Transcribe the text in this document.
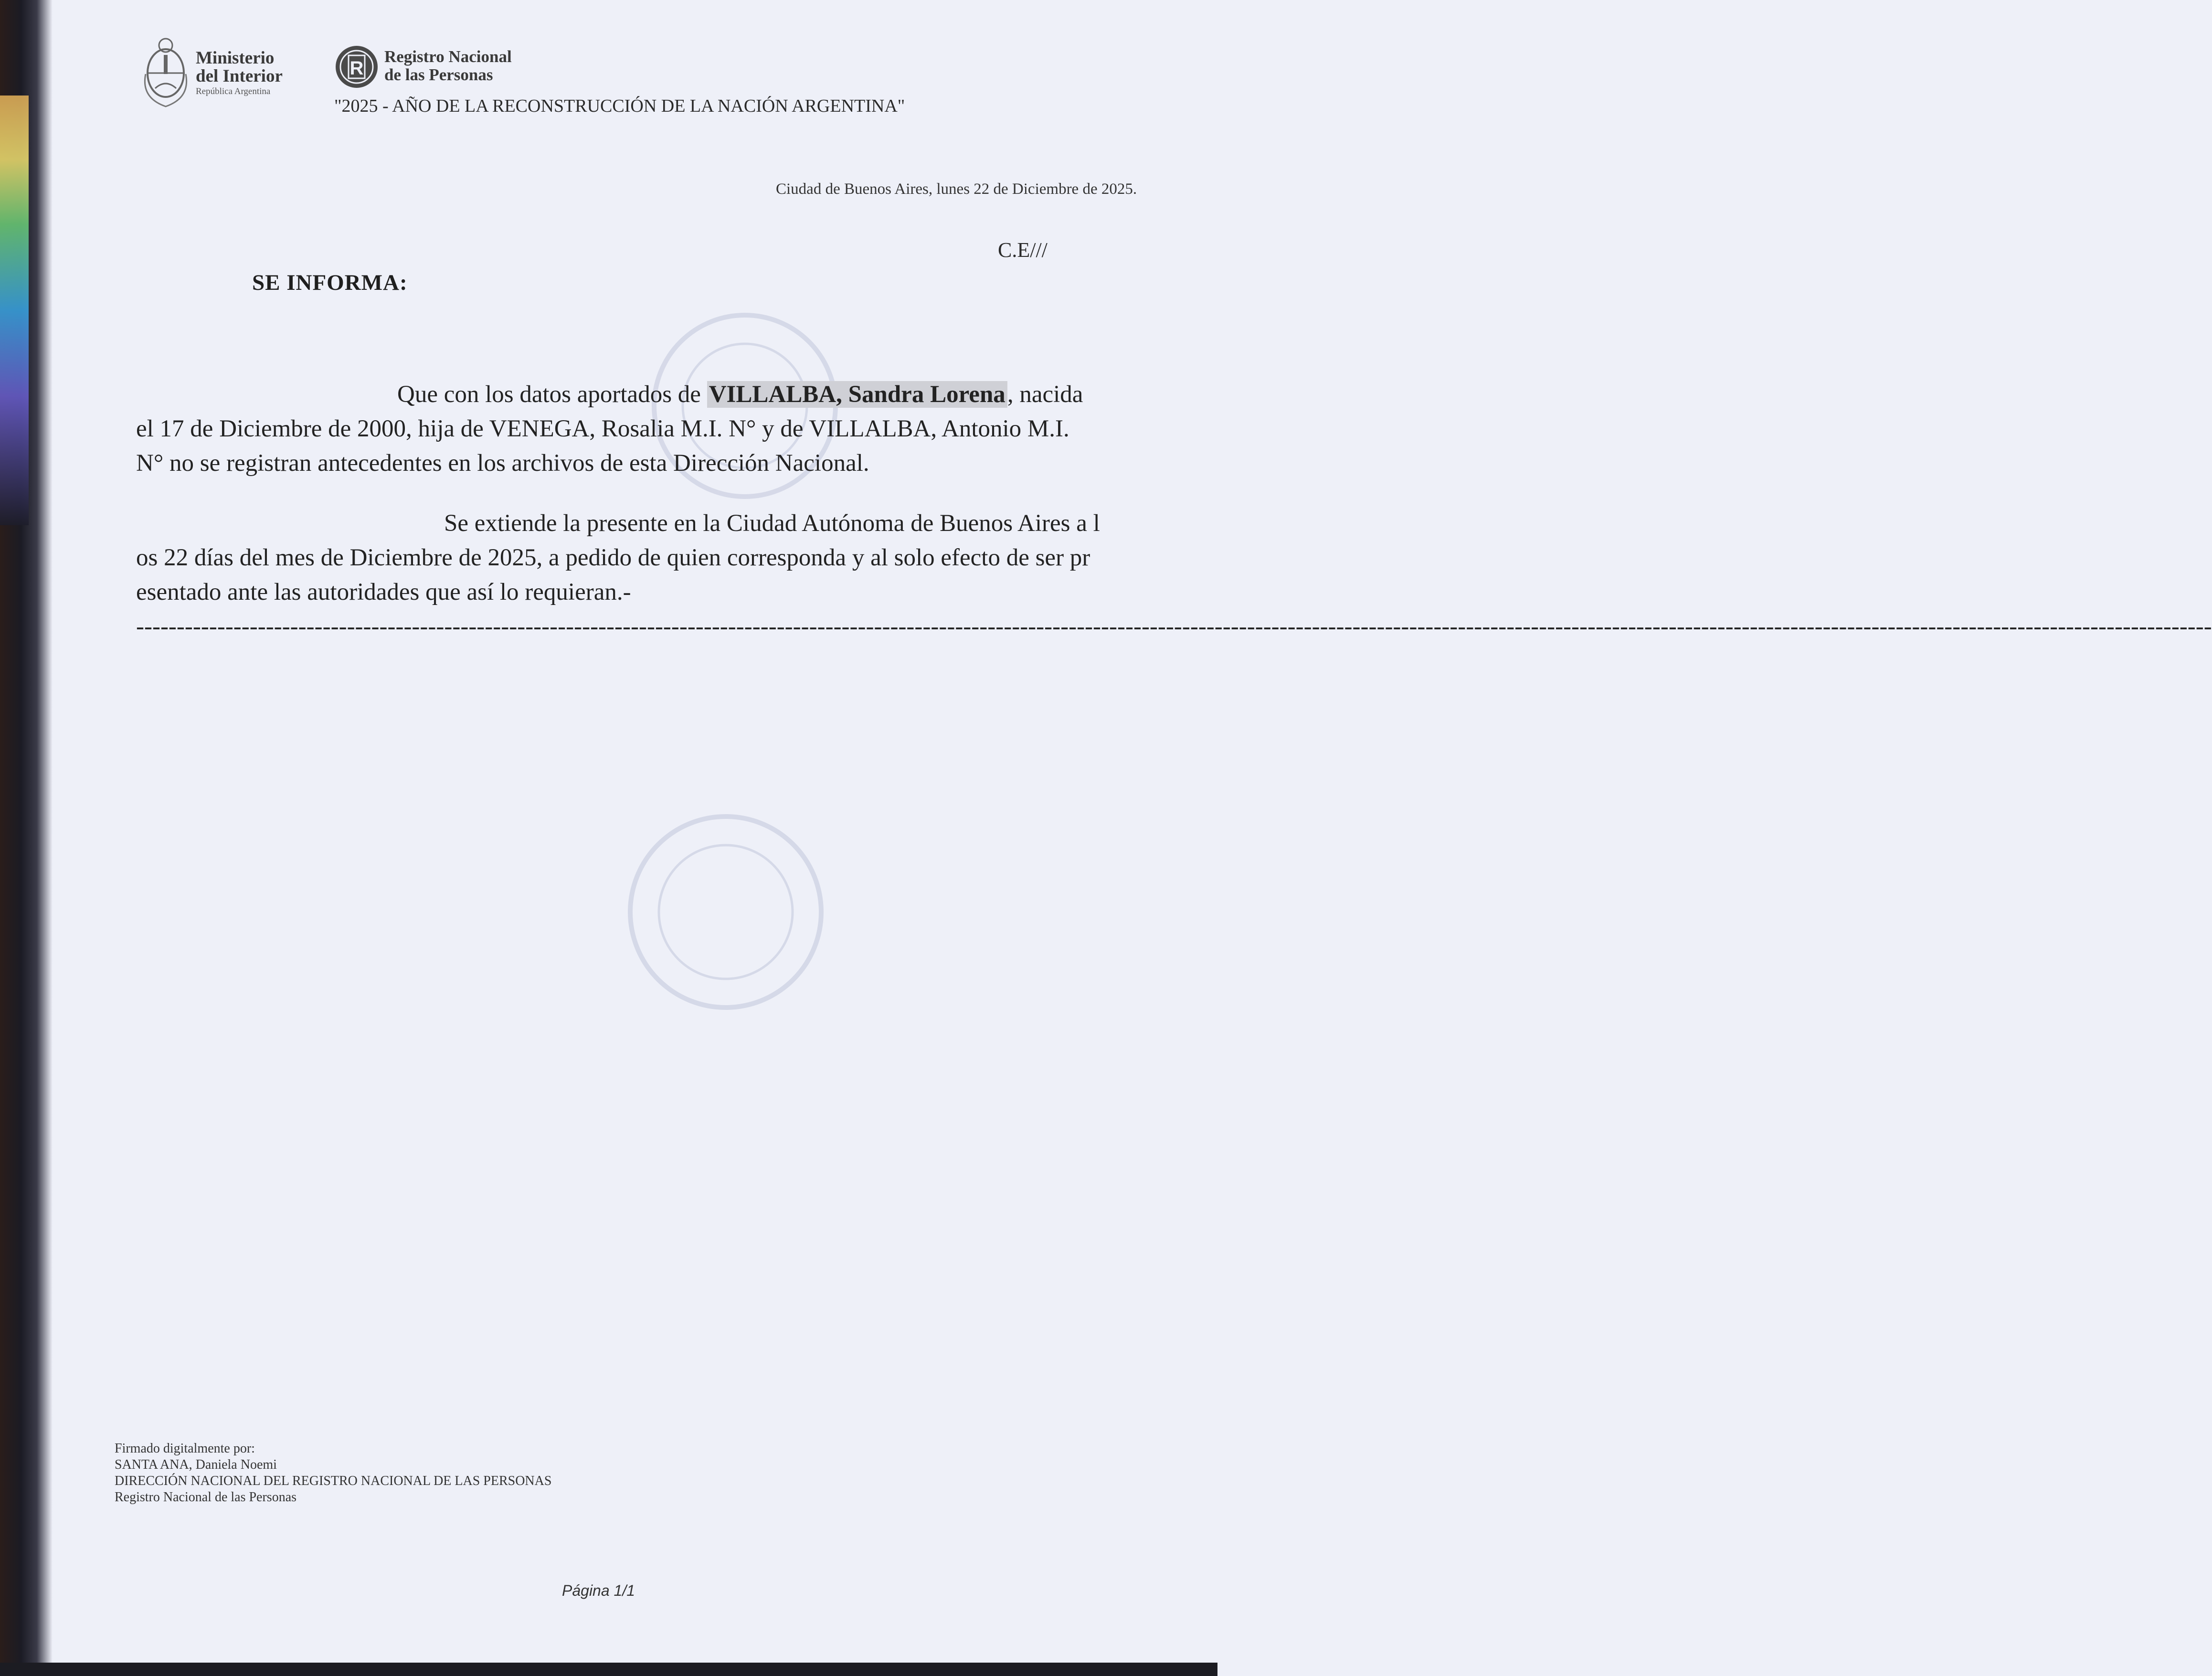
Ministerio
del Interior
República Argentina
R
Registro Nacional
de las Personas
"2025 - AÑO DE LA RECONSTRUCCIÓN DE LA NACIÓN ARGENTINA"
Ciudad de Buenos Aires, lunes 22 de Diciembre de 2025.
C.E///
SE INFORMA:
Que con los datos aportados de VILLALBA, Sandra Lorena, nacida el 17 de Diciembre de 2000, hija de VENEGA, Rosalia M.I. N° y de VILLALBA, Antonio M.I. N° no se registran antecedentes en los archivos de esta Dirección Nacional.
Se extiende la presente en la Ciudad Autónoma de Buenos Aires a los 22 días del mes de Diciembre de 2025, a pedido de quien corresponda y al solo efecto de ser presentado ante las autoridades que así lo requieran.-----------------------------------------------------------------------------------------------------------------------------------------------------------------------------------------------------------------------------------------------------------------
Firmado digitalmente por:
SANTA ANA, Daniela Noemi
DIRECCIÓN NACIONAL DEL REGISTRO NACIONAL DE LAS PERSONAS
Registro Nacional de las Personas
Página 1/1
